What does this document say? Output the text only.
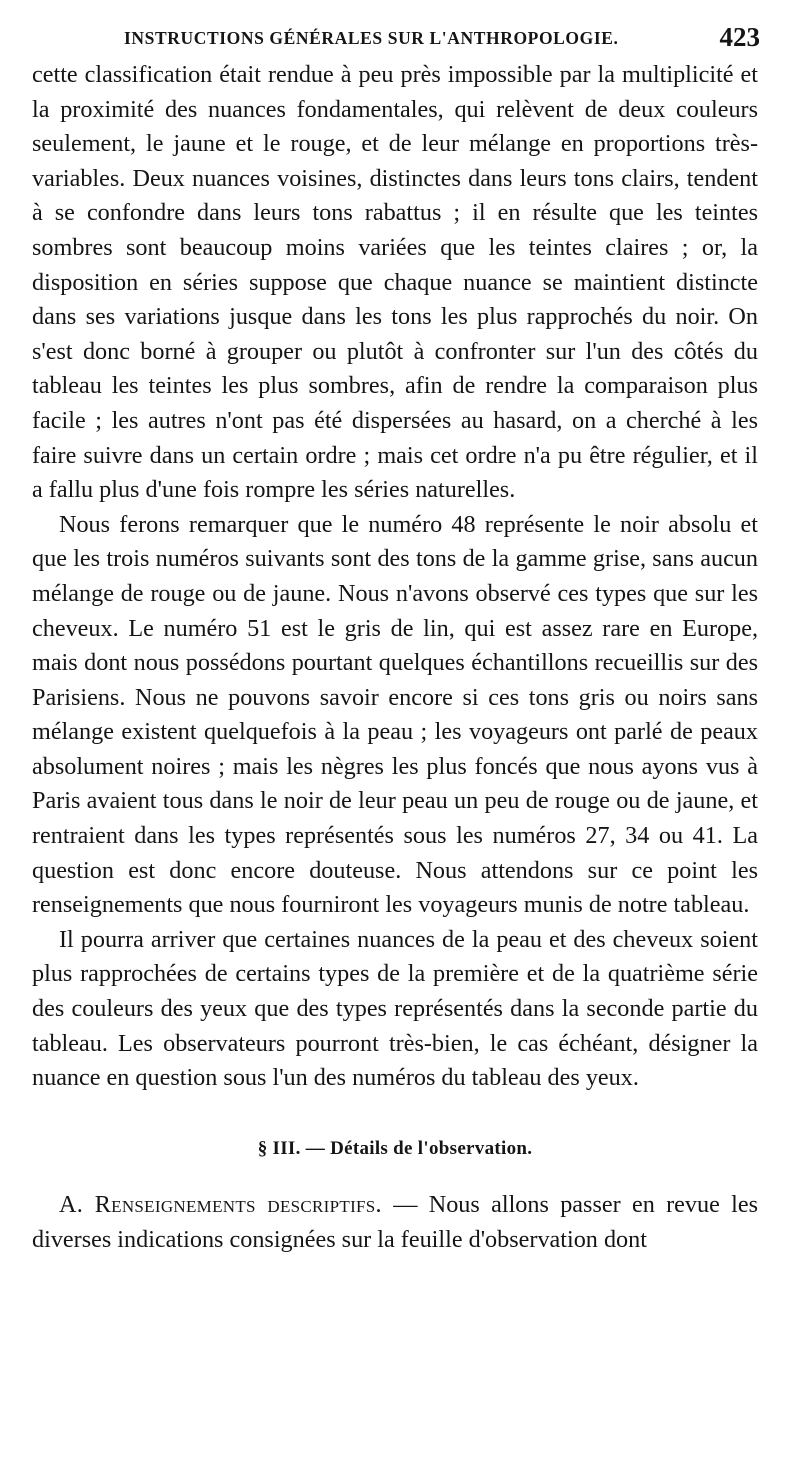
INSTRUCTIONS GÉNÉRALES SUR L'ANTHROPOLOGIE.	423

cette classification était rendue à peu près impossible par la multiplicité et la proximité des nuances fondamentales, qui relèvent de deux couleurs seulement, le jaune et le rouge, et de leur mélange en proportions très-variables. Deux nuances voisines, distinctes dans leurs tons clairs, tendent à se confondre dans leurs tons rabattus ; il en résulte que les teintes sombres sont beaucoup moins variées que les teintes claires ; or, la disposition en séries suppose que chaque nuance se maintient distincte dans ses variations jusque dans les tons les plus rapprochés du noir. On s'est donc borné à grouper ou plutôt à confronter sur l'un des côtés du tableau les teintes les plus sombres, afin de rendre la comparaison plus facile ; les autres n'ont pas été dispersées au hasard, on a cherché à les faire suivre dans un certain ordre ; mais cet ordre n'a pu être régulier, et il a fallu plus d'une fois rompre les séries naturelles.

Nous ferons remarquer que le numéro 48 représente le noir absolu et que les trois numéros suivants sont des tons de la gamme grise, sans aucun mélange de rouge ou de jaune. Nous n'avons observé ces types que sur les cheveux. Le numéro 51 est le gris de lin, qui est assez rare en Europe, mais dont nous possédons pourtant quelques échantillons recueillis sur des Parisiens. Nous ne pouvons savoir encore si ces tons gris ou noirs sans mélange existent quelquefois à la peau ; les voyageurs ont parlé de peaux absolument noires ; mais les nègres les plus foncés que nous ayons vus à Paris avaient tous dans le noir de leur peau un peu de rouge ou de jaune, et rentraient dans les types représentés sous les numéros 27, 34 ou 41. La question est donc encore douteuse. Nous attendons sur ce point les renseignements que nous fourniront les voyageurs munis de notre tableau.

Il pourra arriver que certaines nuances de la peau et des cheveux soient plus rapprochées de certains types de la première et de la quatrième série des couleurs des yeux que des types représentés dans la seconde partie du tableau. Les observateurs pourront très-bien, le cas échéant, désigner la nuance en question sous l'un des numéros du tableau des yeux.

§ III. — Détails de l'observation.

A. Renseignements descriptifs. — Nous allons passer en revue les diverses indications consignées sur la feuille d'observation dont
